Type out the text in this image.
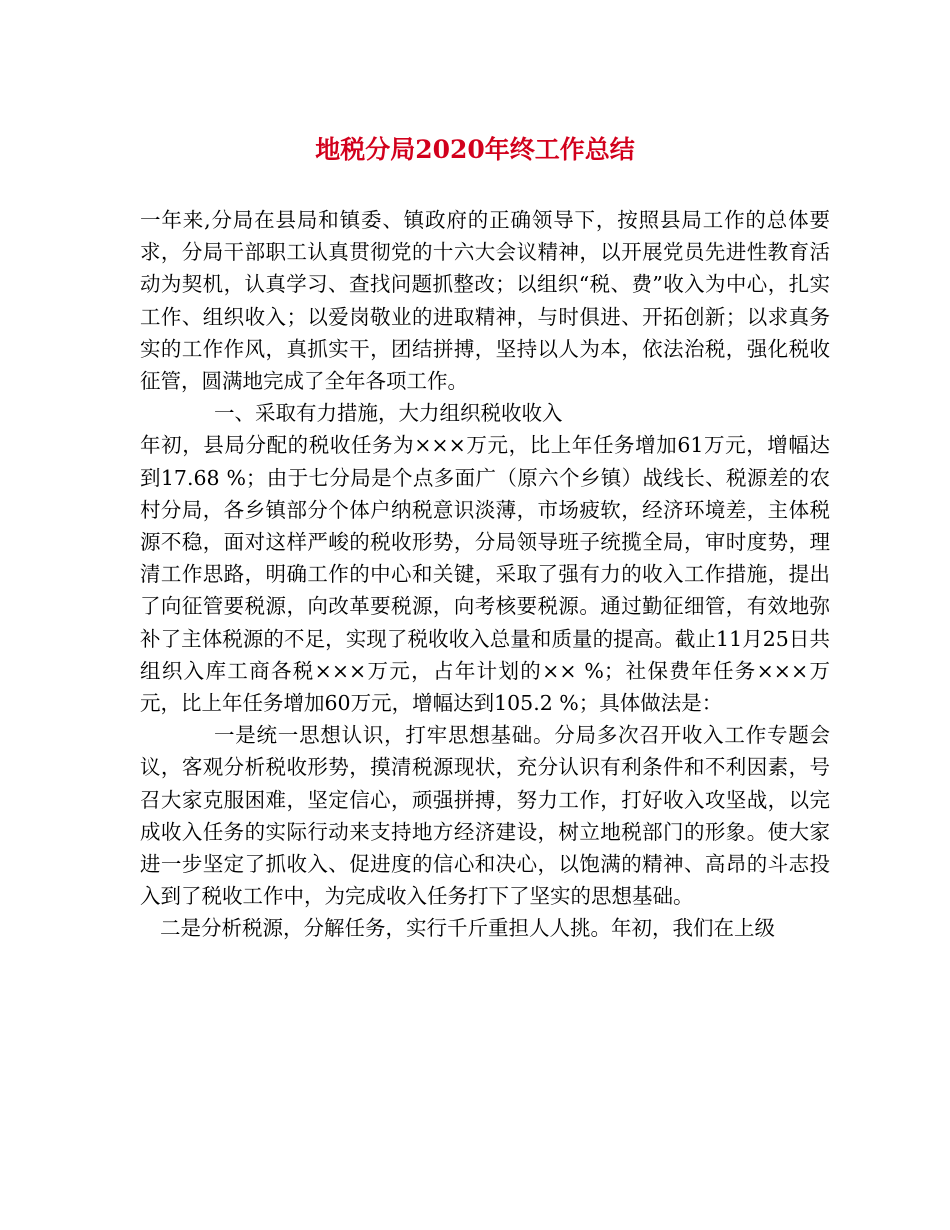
地税分局2020年终工作总结

一年来,分局在县局和镇委、镇政府的正确领导下，按照县局工作的总体要求，分局干部职工认真贯彻党的十六大会议精神，以开展党员先进性教育活动为契机，认真学习、查找问题抓整改；以组织“税、费”收入为中心，扎实工作、组织收入；以爱岗敬业的进取精神，与时俱进、开拓创新；以求真务实的工作作风，真抓实干，团结拼搏，坚持以人为本，依法治税，强化税收征管，圆满地完成了全年各项工作。

一、采取有力措施，大力组织税收收入

年初，县局分配的税收任务为×××万元，比上年任务增加61万元，增幅达到17.68 %；由于七分局是个点多面广（原六个乡镇）战线长、税源差的农村分局，各乡镇部分个体户纳税意识淡薄，市场疲软，经济环境差，主体税源不稳，面对这样严峻的税收形势，分局领导班子统揽全局，审时度势，理清工作思路，明确工作的中心和关键，采取了强有力的收入工作措施，提出了向征管要税源，向改革要税源，向考核要税源。通过勤征细管，有效地弥补了主体税源的不足，实现了税收收入总量和质量的提高。截止11月25日共组织入库工商各税×××万元，占年计划的×× %；社保费年任务×××万元，比上年任务增加60万元，增幅达到105.2 %；具体做法是：

一是统一思想认识，打牢思想基础。分局多次召开收入工作专题会议，客观分析税收形势，摸清税源现状，充分认识有利条件和不利因素，号召大家克服困难，坚定信心，顽强拼搏，努力工作，打好收入攻坚战，以完成收入任务的实际行动来支持地方经济建设，树立地税部门的形象。使大家进一步坚定了抓收入、促进度的信心和决心，以饱满的精神、高昂的斗志投入到了税收工作中，为完成收入任务打下了坚实的思想基础。

二是分析税源，分解任务，实行千斤重担人人挑。年初，我们在上级
